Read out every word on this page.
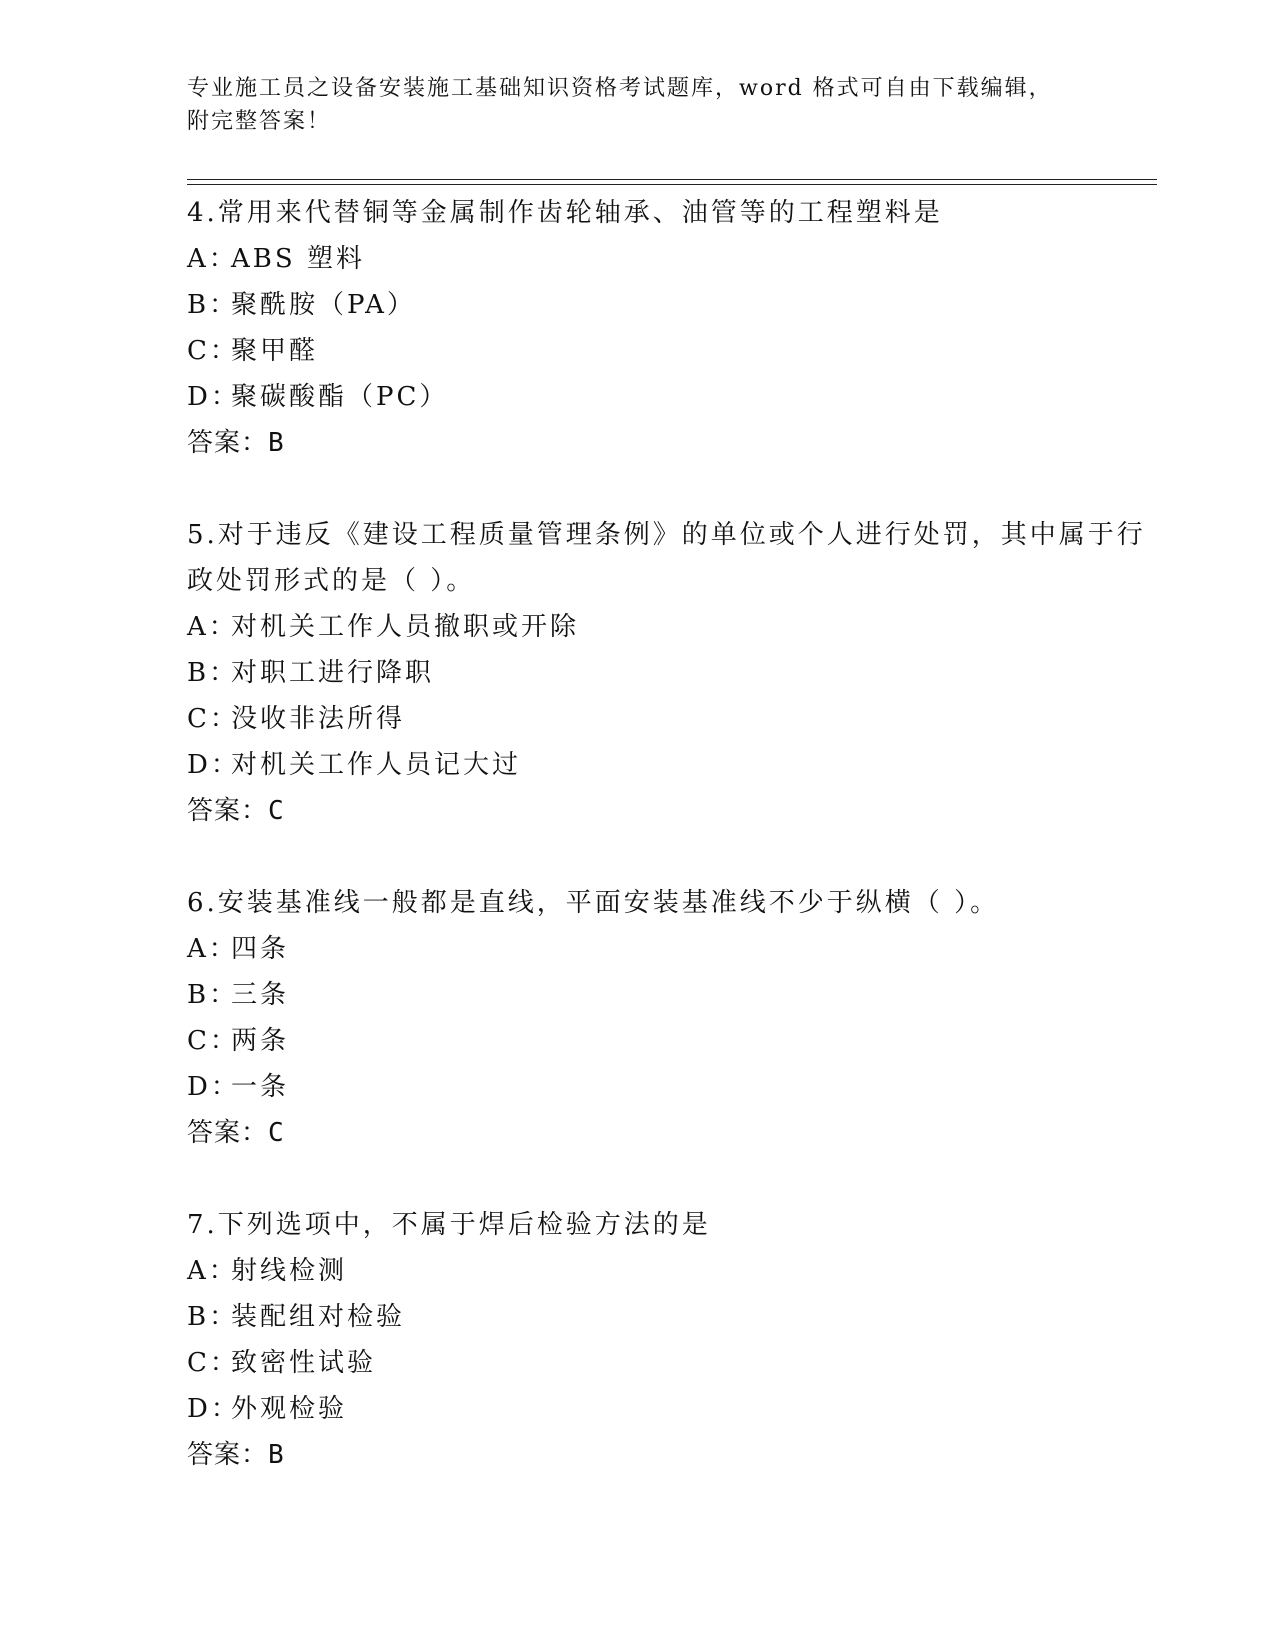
专业施工员之设备安装施工基础知识资格考试题库，word 格式可自由下载编辑，
附完整答案！

4.常用来代替铜等金属制作齿轮轴承、油管等的工程塑料是

A：
ABS 塑料
B：
聚酰胺（PA）
C：
聚甲醛
D：
聚碳酸酯（PC）

答案：B

5.对于违反《建设工程质量管理条例》的单位或个人进行处罚，其中属于行政处罚形式的是（ ）。

A：
对机关工作人员撤职或开除
B：
对职工进行降职
C：
没收非法所得
D：
对机关工作人员记大过

答案：C

6.安装基准线一般都是直线，平面安装基准线不少于纵横（ ）。

A：
四条
B：
三条
C：
两条
D：
一条

答案：C

7.下列选项中，不属于焊后检验方法的是

A：
射线检测
B：
装配组对检验
C：
致密性试验
D：
外观检验

答案：B
